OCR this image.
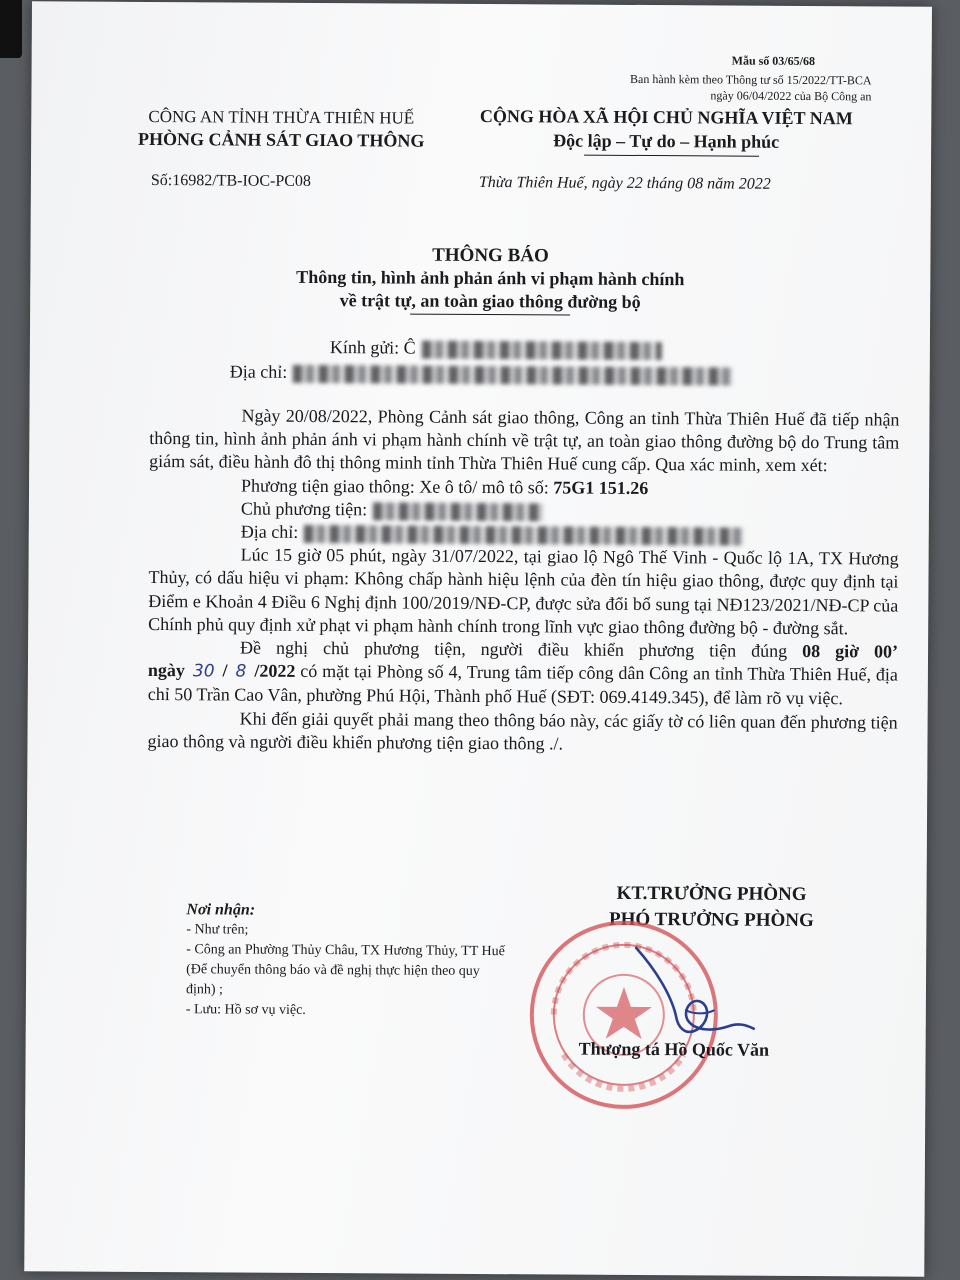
Mẫu số 03/65/68
Ban hành kèm theo Thông tư số 15/2022/TT-BCA
ngày 06/04/2022 của Bộ Công an
CÔNG AN TỈNH THỪA THIÊN HUẾ
PHÒNG CẢNH SÁT GIAO THÔNG
CỘNG HÒA XÃ HỘI CHỦ NGHĨA VIỆT NAM
Độc lập – Tự do – Hạnh phúc
Số:16982/TB-IOC-PC08	Thừa Thiên Huế, ngày 22 tháng 08 năm 2022
THÔNG BÁO
Thông tin, hình ảnh phản ánh vi phạm hành chính
về trật tự, an toàn giao thông đường bộ
Kính gửi: Ĉ
Địa chỉ:

Ngày 20/08/2022, Phòng Cảnh sát giao thông, Công an tỉnh Thừa Thiên Huế đã tiếp nhận thông tin, hình ảnh phản ánh vi phạm hành chính về trật tự, an toàn giao thông đường bộ do Trung tâm giám sát, điều hành đô thị thông minh tỉnh Thừa Thiên Huế cung cấp. Qua xác minh, xem xét:

Phương tiện giao thông: Xe ô tô/ mô tô số: 75G1 151.26

Chủ phương tiện:

Địa chỉ:

Lúc 15 giờ 05 phút, ngày 31/07/2022, tại giao lộ Ngô Thế Vinh - Quốc lộ 1A, TX Hương Thủy, có dấu hiệu vi phạm: Không chấp hành hiệu lệnh của đèn tín hiệu giao thông, được quy định tại Điểm e Khoản 4 Điều 6 Nghị định 100/2019/NĐ-CP, được sửa đổi bổ sung tại NĐ123/2021/NĐ-CP của Chính phủ quy định xử phạt vi phạm hành chính trong lĩnh vực giao thông đường bộ - đường sắt.

Đề nghị chủ phương tiện, người điều khiển phương tiện đúng 08 giờ 00’ ngày 30 / 8 /2022 có mặt tại Phòng số 4, Trung tâm tiếp công dân Công an tỉnh Thừa Thiên Huế, địa chỉ 50 Trần Cao Vân, phường Phú Hội, Thành phố Huế (SĐT: 069.4149.345), để làm rõ vụ việc.

Khi đến giải quyết phải mang theo thông báo này, các giấy tờ có liên quan đến phương tiện giao thông và người điều khiển phương tiện giao thông ./.

Nơi nhận:
- Như trên;
- Công an Phường Thủy Châu, TX Hương Thủy, TT Huế (Để chuyển thông báo và đề nghị thực hiện theo quy định) ;
- Lưu: Hồ sơ vụ việc.
KT.TRƯỞNG PHÒNG
PHÓ TRƯỞNG PHÒNG
Thượng tá Hồ Quốc Văn
